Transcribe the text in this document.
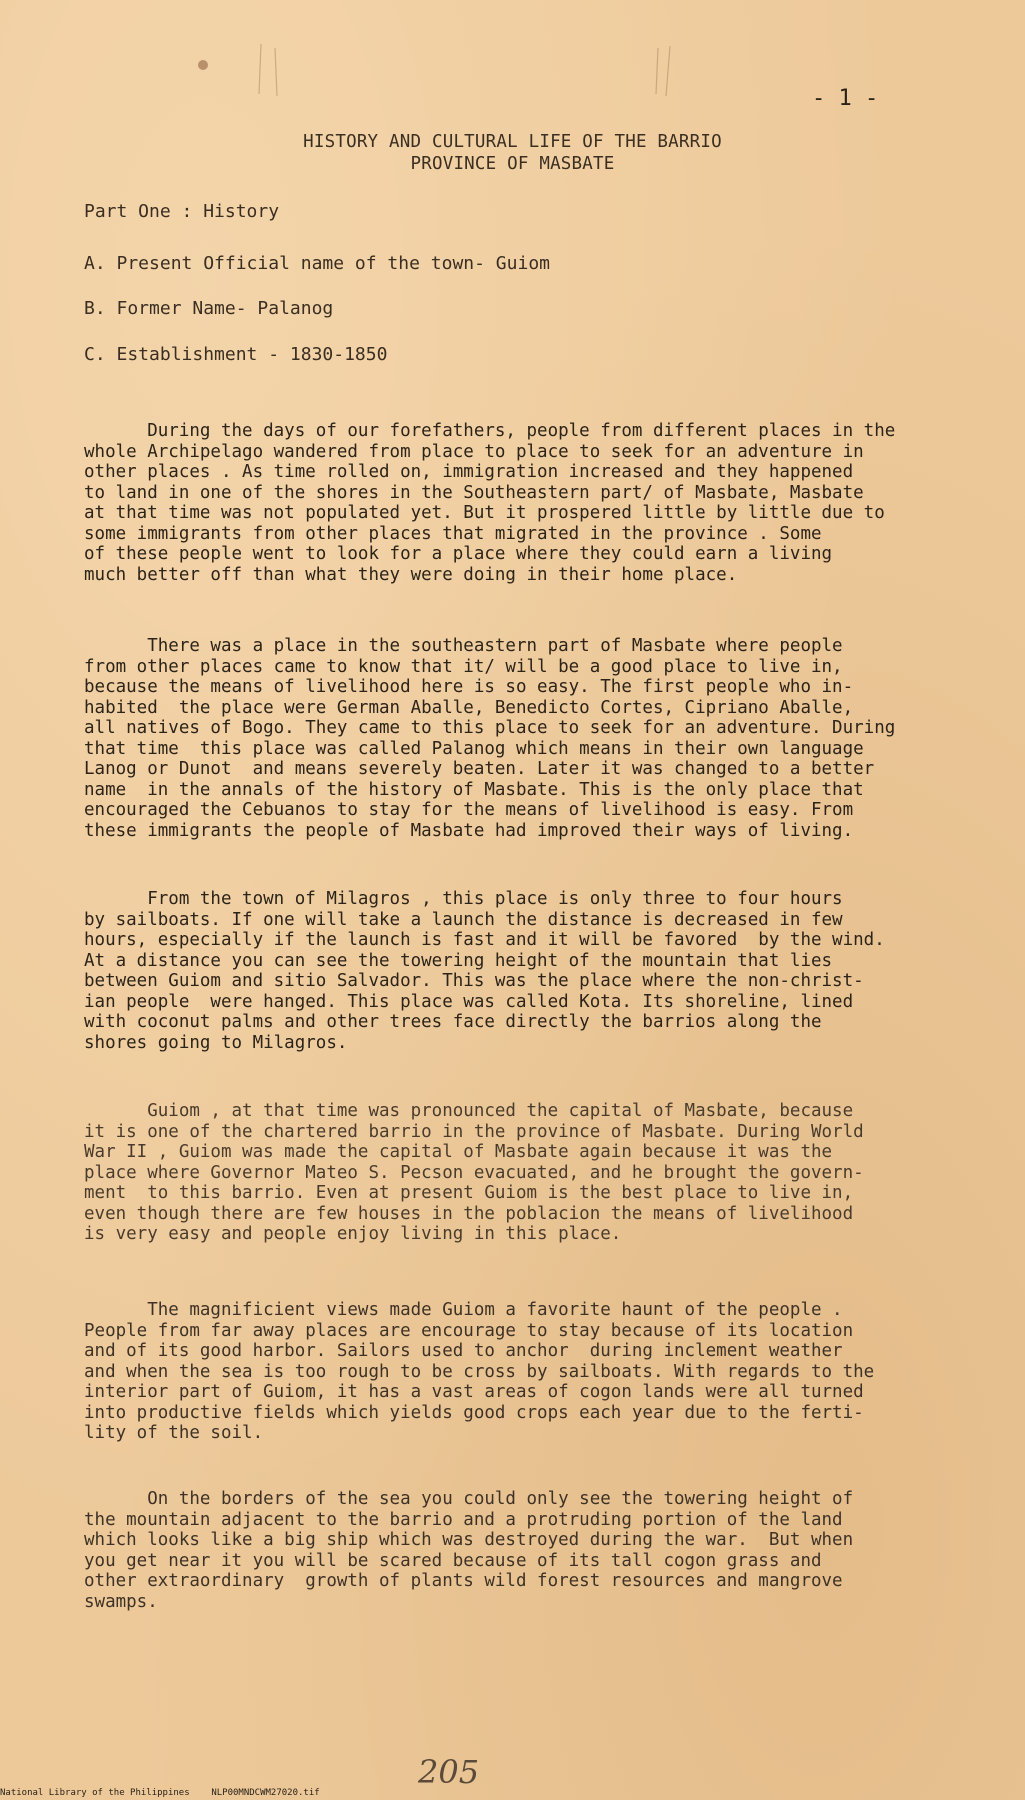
- 1 -
HISTORY AND CULTURAL LIFE OF THE BARRIO
PROVINCE OF MASBATE
Part One : History
A. Present Official name of the town- Guiom
B. Former Name- Palanog
C. Establishment - 1830-1850
During the days of our forefathers, people from different places in the
whole Archipelago wandered from place to place to seek for an adventure in
other places . As time rolled on, immigration increased and they happened
to land in one of the shores in the Southeastern part/ of Masbate, Masbate
at that time was not populated yet. But it prospered little by little due to
some immigrants from other places that migrated in the province . Some
of these people went to look for a place where they could earn a living
much better off than what they were doing in their home place.
There was a place in the southeastern part of Masbate where people
from other places came to know that it/ will be a good place to live in,
because the means of livelihood here is so easy. The first people who in-
habited  the place were German Aballe, Benedicto Cortes, Cipriano Aballe,
all natives of Bogo. They came to this place to seek for an adventure. During
that time  this place was called Palanog which means in their own language
Lanog or Dunot  and means severely beaten. Later it was changed to a better
name  in the annals of the history of Masbate. This is the only place that
encouraged the Cebuanos to stay for the means of livelihood is easy. From
these immigrants the people of Masbate had improved their ways of living.
From the town of Milagros , this place is only three to four hours
by sailboats. If one will take a launch the distance is decreased in few
hours, especially if the launch is fast and it will be favored  by the wind.
At a distance you can see the towering height of the mountain that lies
between Guiom and sitio Salvador. This was the place where the non-christ-
ian people  were hanged. This place was called Kota. Its shoreline, lined
with coconut palms and other trees face directly the barrios along the
shores going to Milagros.
Guiom , at that time was pronounced the capital of Masbate, because
it is one of the chartered barrio in the province of Masbate. During World
War II , Guiom was made the capital of Masbate again because it was the
place where Governor Mateo S. Pecson evacuated, and he brought the govern-
ment  to this barrio. Even at present Guiom is the best place to live in,
even though there are few houses in the poblacion the means of livelihood
is very easy and people enjoy living in this place.
The magnificient views made Guiom a favorite haunt of the people .
People from far away places are encourage to stay because of its location
and of its good harbor. Sailors used to anchor  during inclement weather
and when the sea is too rough to be cross by sailboats. With regards to the
interior part of Guiom, it has a vast areas of cogon lands were all turned
into productive fields which yields good crops each year due to the ferti-
lity of the soil.
On the borders of the sea you could only see the towering height of
the mountain adjacent to the barrio and a protruding portion of the land
which looks like a big ship which was destroyed during the war.  But when
you get near it you will be scared because of its tall cogon grass and
other extraordinary  growth of plants wild forest resources and mangrove
swamps.
205
National Library of the Philippines    NLP00MNDCWM27020.tif
